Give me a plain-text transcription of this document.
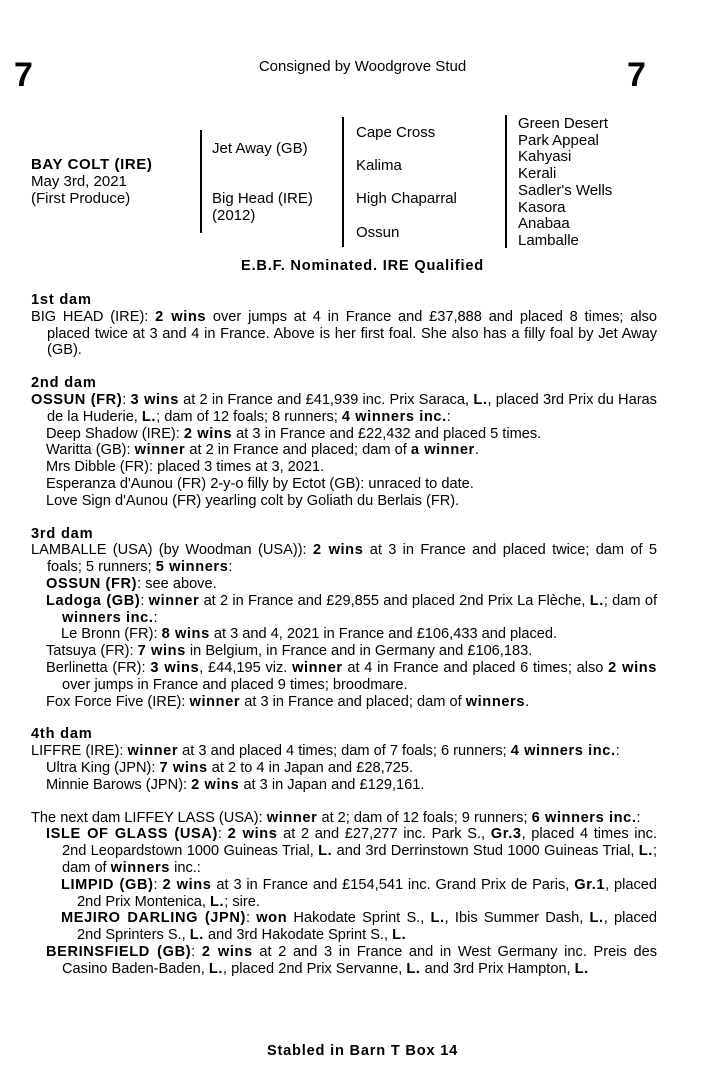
7	7
Consigned by Woodgrove Stud
BAY COLT (IRE)
May 3rd, 2021
(First Produce)
Jet Away (GB)
Big Head (IRE)
(2012)
Cape Cross
Kalima
High Chaparral
Ossun
Green Desert
Park Appeal
Kahyasi
Kerali
Sadler's Wells
Kasora
Anabaa
Lamballe
E.B.F. Nominated. IRE Qualified
1st dam

BIG HEAD (IRE): 2 wins over jumps at 4 in France and £37,888 and placed 8 times; also placed twice at 3 and 4 in France. Above is her first foal. She also has a filly foal by Jet Away (GB).

2nd dam

OSSUN (FR): 3 wins at 2 in France and £41,939 inc. Prix Saraca, L., placed 3rd Prix du Haras de la Huderie, L.; dam of 12 foals; 8 runners; 4 winners inc.:

Deep Shadow (IRE): 2 wins at 3 in France and £22,432 and placed 5 times.

Waritta (GB): winner at 2 in France and placed; dam of a winner.

Mrs Dibble (FR): placed 3 times at 3, 2021.

Esperanza d'Aunou (FR) 2-y-o filly by Ectot (GB): unraced to date.

Love Sign d'Aunou (FR) yearling colt by Goliath du Berlais (FR).

3rd dam

LAMBALLE (USA) (by Woodman (USA)): 2 wins at 3 in France and placed twice; dam of 5 foals; 5 runners; 5 winners:

OSSUN (FR): see above.

Ladoga (GB): winner at 2 in France and £29,855 and placed 2nd Prix La Flèche, L.; dam of winners inc.:

Le Bronn (FR): 8 wins at 3 and 4, 2021 in France and £106,433 and placed.

Tatsuya (FR): 7 wins in Belgium, in France and in Germany and £106,183.

Berlinetta (FR): 3 wins, £44,195 viz. winner at 4 in France and placed 6 times; also 2 wins over jumps in France and placed 9 times; broodmare.

Fox Force Five (IRE): winner at 3 in France and placed; dam of winners.

4th dam

LIFFRE (IRE): winner at 3 and placed 4 times; dam of 7 foals; 6 runners; 4 winners inc.:

Ultra King (JPN): 7 wins at 2 to 4 in Japan and £28,725.

Minnie Barows (JPN): 2 wins at 3 in Japan and £129,161.

The next dam LIFFEY LASS (USA): winner at 2; dam of 12 foals; 9 runners; 6 winners inc.:

ISLE OF GLASS (USA): 2 wins at 2 and £27,277 inc. Park S., Gr.3, placed 4 times inc. 2nd Leopardstown 1000 Guineas Trial, L. and 3rd Derrinstown Stud 1000 Guineas Trial, L.; dam of winners inc.:

LIMPID (GB): 2 wins at 3 in France and £154,541 inc. Grand Prix de Paris, Gr.1, placed 2nd Prix Montenica, L.; sire.

MEJIRO DARLING (JPN): won Hakodate Sprint S., L., Ibis Summer Dash, L., placed 2nd Sprinters S., L. and 3rd Hakodate Sprint S., L.

BERINSFIELD (GB): 2 wins at 2 and 3 in France and in West Germany inc. Preis des Casino Baden-Baden, L., placed 2nd Prix Servanne, L. and 3rd Prix Hampton, L.

Stabled in Barn T Box 14
